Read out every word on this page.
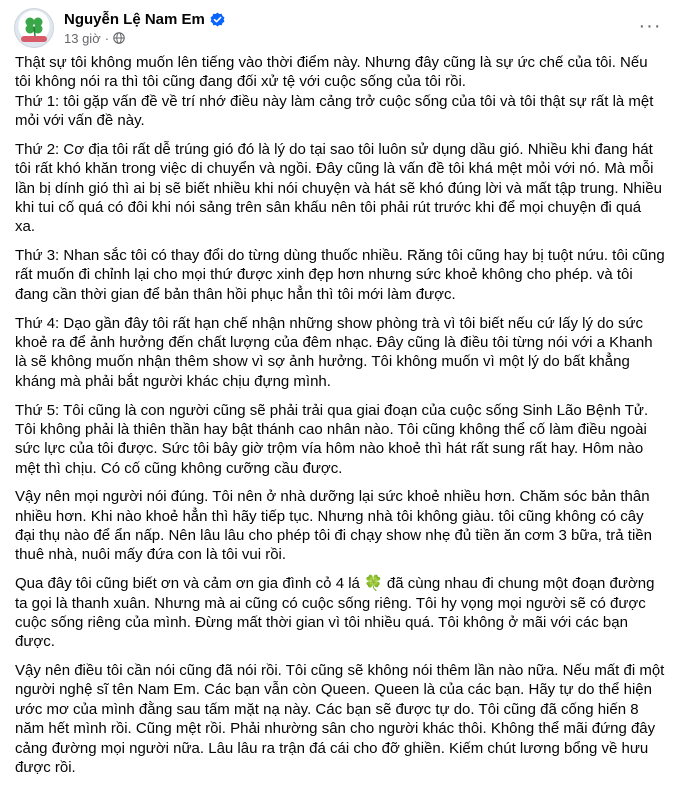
Nguyễn Lệ Nam Em
13 giờ ·
···

Thật sự tôi không muốn lên tiếng vào thời điểm này. Nhưng đây cũng là sự ức chế của tôi. Nếu tôi không nói ra thì tôi cũng đang đối xử tệ với cuộc sống của tôi rồi.
Thứ 1: tôi gặp vấn đề về trí nhớ điều này làm cảng trở cuộc sống của tôi và tôi thật sự rất là mệt mỏi với vấn đề này.

Thứ 2: Cơ địa tôi rất dễ trúng gió đó là lý do tại sao tôi luôn sử dụng dầu gió. Nhiều khi đang hát tôi rất khó khăn trong việc di chuyển và ngồi. Đây cũng là vấn đề tôi khá mệt mỏi với nó. Mà mỗi lần bị dính gió thì ai bị sẽ biết nhiều khi nói chuyện và hát sẽ khó đúng lời và mất tập trung. Nhiều khi tui cố quá có đôi khi nói sảng trên sân khấu nên tôi phải rút trước khi để mọi chuyện đi quá xa.

Thứ 3: Nhan sắc tôi có thay đổi do từng dùng thuốc nhiều. Răng tôi cũng hay bị tuột nứu. tôi cũng rất muốn đi chỉnh lại cho mọi thứ được xinh đẹp hơn nhưng sức khoẻ không cho phép. và tôi đang cần thời gian để bản thân hồi phục hẳn thì tôi mới làm được.

Thứ 4: Dạo gần đây tôi rất hạn chế nhận những show phòng trà vì tôi biết nếu cứ lấy lý do sức khoẻ ra để ảnh hưởng đến chất lượng của đêm nhạc. Đây cũng là điều tôi từng nói với a Khanh là sẽ không muốn nhận thêm show vì sợ ảnh hưởng. Tôi không muốn vì một lý do bất khẳng kháng mà phải bắt người khác chịu đựng mình.

Thứ 5: Tôi cũng là con người cũng sẽ phải trải qua giai đoạn của cuộc sống Sinh Lão Bệnh Tử. Tôi không phải là thiên thần hay bật thánh cao nhân nào. Tôi cũng không thể cố làm điều ngoài sức lực của tôi được. Sức tôi bây giờ trộm vía hôm nào khoẻ thì hát rất sung rất hay. Hôm nào mệt thì chịu. Có cố cũng không cưỡng cầu được.

Vậy nên mọi người nói đúng. Tôi nên ở nhà dưỡng lại sức khoẻ nhiều hơn. Chăm sóc bản thân nhiều hơn. Khi nào khoẻ hẳn thì hãy tiếp tục. Nhưng nhà tôi không giàu. tôi cũng không có cây đại thụ nào để ẩn nấp. Nên lâu lâu cho phép tôi đi chạy show nhẹ đủ tiền ăn cơm 3 bữa, trả tiền thuê nhà, nuôi mấy đứa con là tôi vui rồi.

Qua đây tôi cũng biết ơn và cảm ơn gia đình cỏ 4 lá 🍀 đã cùng nhau đi chung một đoạn đường ta gọi là thanh xuân. Nhưng mà ai cũng có cuộc sống riêng. Tôi hy vọng mọi người sẽ có được cuộc sống riêng của mình. Đừng mất thời gian vì tôi nhiều quá. Tôi không ở mãi với các bạn được.

Vậy nên điều tôi cần nói cũng đã nói rồi. Tôi cũng sẽ không nói thêm lần nào nữa. Nếu mất đi một người nghệ sĩ tên Nam Em. Các bạn vẫn còn Queen. Queen là của các bạn. Hãy tự do thể hiện ước mơ của mình đằng sau tấm mặt nạ này. Các bạn sẽ được tự do. Tôi cũng đã cống hiến 8 năm hết mình rồi. Cũng mệt rồi. Phải nhường sân cho người khác thôi. Không thể mãi đứng đây cảng đường mọi người nữa. Lâu lâu ra trận đá cái cho đỡ ghiền. Kiếm chút lương bổng về hưu được rồi.
